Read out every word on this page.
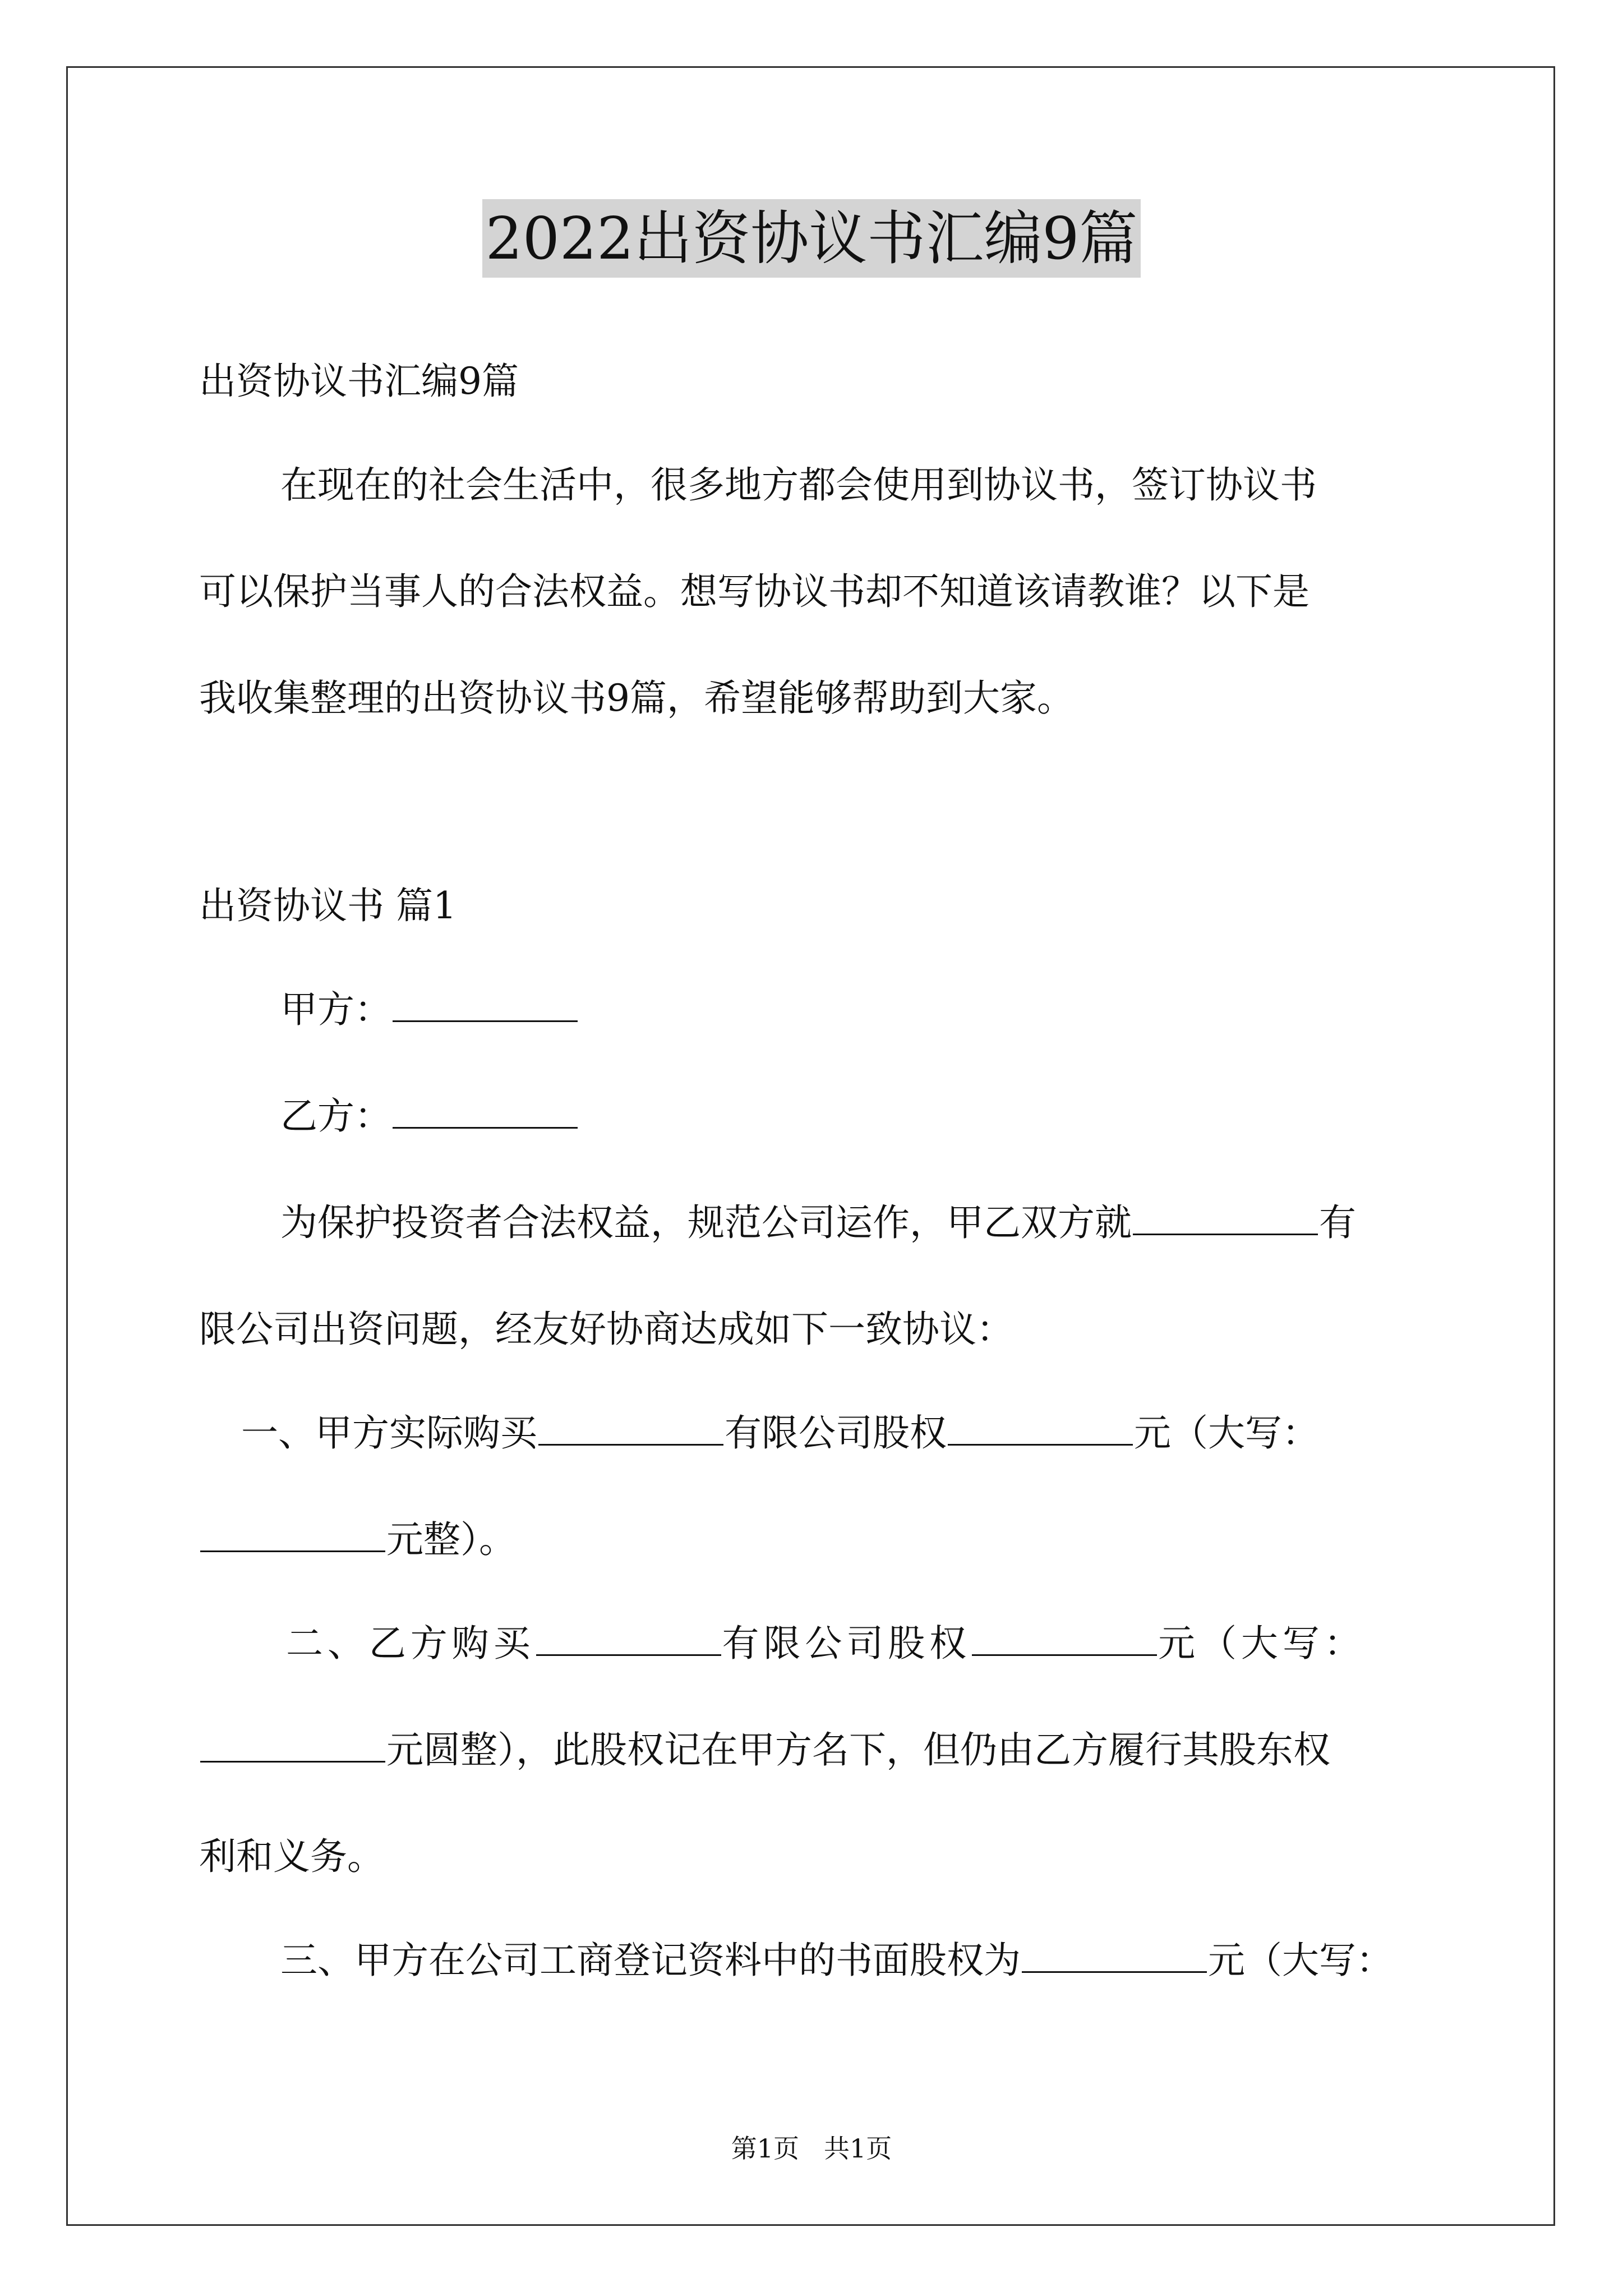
2022出资协议书汇编9篇
出资协议书汇编9篇
在现在的社会生活中，很多地方都会使用到协议书，签订协议书
可以保护当事人的合法权益。想写协议书却不知道该请教谁？以下是
我收集整理的出资协议书9篇，希望能够帮助到大家。
出资协议书 篇1
甲方：
乙方：
为保护投资者合法权益，规范公司运作，甲乙双方就	有
限公司出资问题，经友好协商达成如下一致协议：
一、甲方实际购买	有限公司股权	元（大写：
元整）。
二、乙方购买	有限公司股权	元（大写：
元圆整），此股权记在甲方名下，但仍由乙方履行其股东权
利和义务。
三、甲方在公司工商登记资料中的书面股权为	元（大写：
第1页 共1页
